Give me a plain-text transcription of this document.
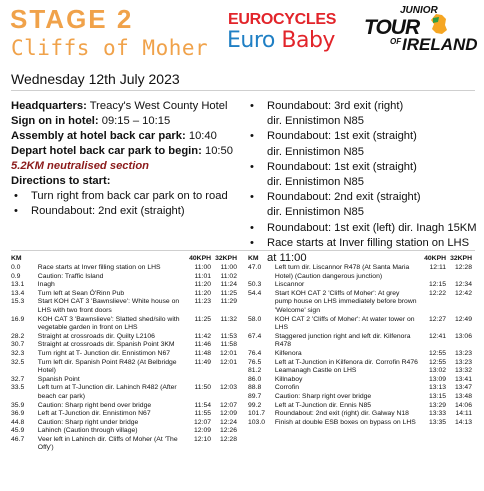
STAGE 2
Cliffs of Moher
EUROCYCLES
Euro Baby
JUNIOR
TOUR
OF IRELAND
Wednesday 12th July 2023
Headquarters: Treacy's West County Hotel
Sign on in hotel: 09:15 – 10:15
Assembly at hotel back car park: 10:40
Depart hotel back car park to begin: 10:50
5.2KM neutralised section
Directions to start:
• Turn right from back car park on to road
• Roundabout: 2nd exit (straight)
• Roundabout: 3rd exit (right)
dir. Ennistimon N85
• Roundabout: 1st exit (straight)
dir. Ennistimon N85
• Roundabout: 1st exit (straight)
dir. Ennistimon N85
• Roundabout: 2nd exit (straight)
dir. Ennistimon N85
• Roundabout: 1st exit (left) dir. Inagh 15KM
• Race starts at Inver filling station on LHS
at 11:00
KM		40KPH	32KPH
0.0	Race starts at Inver filling station on LHS	11:00	11:00
0.9	Caution: Traffic Island	11:01	11:02
13.1	Inagh	11:20	11:24
13.4	Turn left at Sean Ó'Rinn Pub	11:20	11:25
15.3	Start KOH CAT 3 'Bawnslieve': White house on LHS with two front doors	11:23	11:29
16.9	KOH CAT 3 'Bawnslieve': Slatted shed/silo with vegetable garden in front on LHS	11:25	11:32
28.2	Straight at crossroads dir. Quilty L2106	11:42	11:53
30.7	Straight at crossroads dir. Spanish Point 3KM	11:46	11:58
32.3	Turn right at T- Junction dir. Ennistimon N67	11:48	12:01
32.5	Turn left dir. Spanish Point R482 (At Belbridge Hotel)	11:49	12:01
32.7	Spanish Point		
33.5	Left turn at T-Junction dir. Lahinch R482 (After beach car park)	11:50	12:03
35.9	Caution: Sharp right bend over bridge	11:54	12:07
36.9	Left at T-Junction dir. Ennistimon N67	11:55	12:09
44.8	Caution: Sharp right under bridge	12:07	12:24
45.9	Lahinch (Caution through village)	12:09	12:26
46.7	Veer left in Lahinch dir. Cliffs of Moher (At 'The Offy')	12:10	12:28
KM		40KPH	32KPH
47.0	Left turn dir. Liscannor R478 (At Santa Maria Hotel) (Caution dangerous junction)	12:11	12:28
50.3	Liscannor	12:15	12:34
54.4	Start KOH CAT 2 'Cliffs of Moher': At grey pump house on LHS immediately before brown 'Welcome' sign	12:22	12:42
58.0	KOH CAT 2 'Cliffs of Moher': At water tower on LHS	12:27	12:49
67.4	Staggered junction right and left dir. Kilfenora R478	12:41	13:06
76.4	Kilfenora	12:55	13:23
76.5	Left at T-Junction in Kilfenora dir. Corrofin R476	12:55	13:23
81.2	Leamanagh Castle on LHS	13:02	13:32
86.0	Killnaboy	13:09	13:41
88.8	Corrofin	13:13	13:47
89.7	Caution: Sharp right over bridge	13:15	13:48
99.2	Left at T-Junction dir. Ennis N85	13:29	14:06
101.7	Roundabout: 2nd exit (right) dir. Galway N18	13:33	14:11
103.0	Finish at double ESB boxes on bypass on LHS	13:35	14:13
